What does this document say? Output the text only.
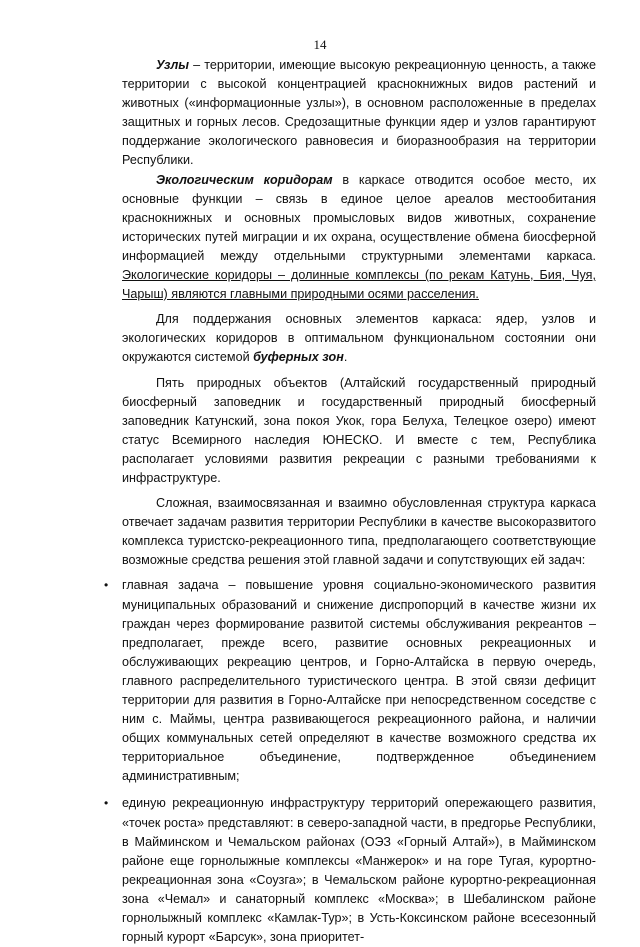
14

Узлы – территории, имеющие высокую рекреационную ценность, а также территории с высокой концентрацией краснокнижных видов растений и животных («информационные узлы»), в основном расположенные в пределах защитных и горных лесов. Средозащитные функции ядер и узлов гарантируют поддержание экологического равновесия и биоразнообразия на территории Республики.

Экологическим коридорам в каркасе отводится особое место, их основные функции – связь в единое целое ареалов местообитания краснокнижных и основных промысловых видов животных, сохранение исторических путей миграции и их охрана, осуществление обмена биосферной информацией между отдельными структурными элементами каркаса. Экологические коридоры – долинные комплексы (по рекам Катунь, Бия, Чуя, Чарыш) являются главными природными осями расселения.

Для поддержания основных элементов каркаса: ядер, узлов и экологических коридоров в оптимальном функциональном состоянии они окружаются системой буферных зон.

Пять природных объектов (Алтайский государственный природный биосферный заповедник и государственный природный биосферный заповедник Катунский, зона покоя Укок, гора Белуха, Телецкое озеро) имеют статус Всемирного наследия ЮНЕСКО. И вместе с тем, Республика располагает условиями развития рекреации с разными требованиями к инфраструктуре.

Сложная, взаимосвязанная и взаимно обусловленная структура каркаса отвечает задачам развития территории Республики в качестве высокоразвитого комплекса туристско-рекреационного типа, предполагающего соответствующие возможные средства решения этой главной задачи и сопутствующих ей задач:

• главная задача – повышение уровня социально-экономического развития муниципальных образований и снижение диспропорций в качестве жизни их граждан через формирование развитой системы обслуживания рекреантов – предполагает, прежде всего, развитие основных рекреационных и обслуживающих рекреацию центров, и Горно-Алтайска в первую очередь, главного распределительного туристического центра. В этой связи дефицит территории для развития в Горно-Алтайске при непосредственном соседстве с ним с. Маймы, центра развивающегося рекреационного района, и наличии общих коммунальных сетей определяют в качестве возможного средства их территориальное объединение, подтвержденное объединением административным;
• единую рекреационную инфраструктуру территорий опережающего развития, «точек роста» представляют: в северо-западной части, в предгорье Республики, в Майминском и Чемальском районах (ОЭЗ «Горный Алтай»), в Майминском районе еще горнолыжные комплексы «Манжерок» и на горе Тугая, курортно-рекреационная зона «Соузга»; в Чемальском районе курортно-рекреационная зона «Чемал» и санаторный комплекс «Москва»; в Шебалинском районе горнолыжный комплекс «Камлак-Тур»; в Усть-Коксинском районе всесезонный горный курорт «Барсук», зона приоритет-
